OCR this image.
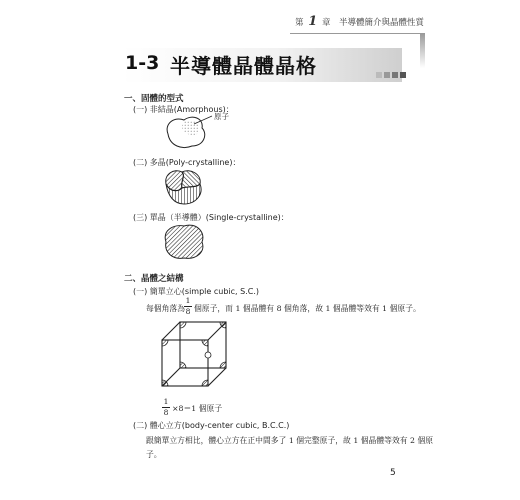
第 1 章　半導體簡介與晶體性質
1-3 半導體晶體晶格
一、固體的型式
(一) 非結晶(Amorphous)：
原子
(二) 多晶(Poly-crystalline)：
(三) 單晶（半導體）(Single-crystalline)：
二、晶體之結構
(一) 簡單立心(simple cubic, S.C.)
每個角落為
1
8 個原子，而 1 個晶體有 8 個角落，故 1 個晶體等效有 1 個原子。
1
8 ×8＝1 個原子
(二) 體心立方(body-center cubic, B.C.C.)
跟簡單立方相比，體心立方在正中間多了 1 個完整原子，故 1 個晶體等效有 2 個原
子。
5
